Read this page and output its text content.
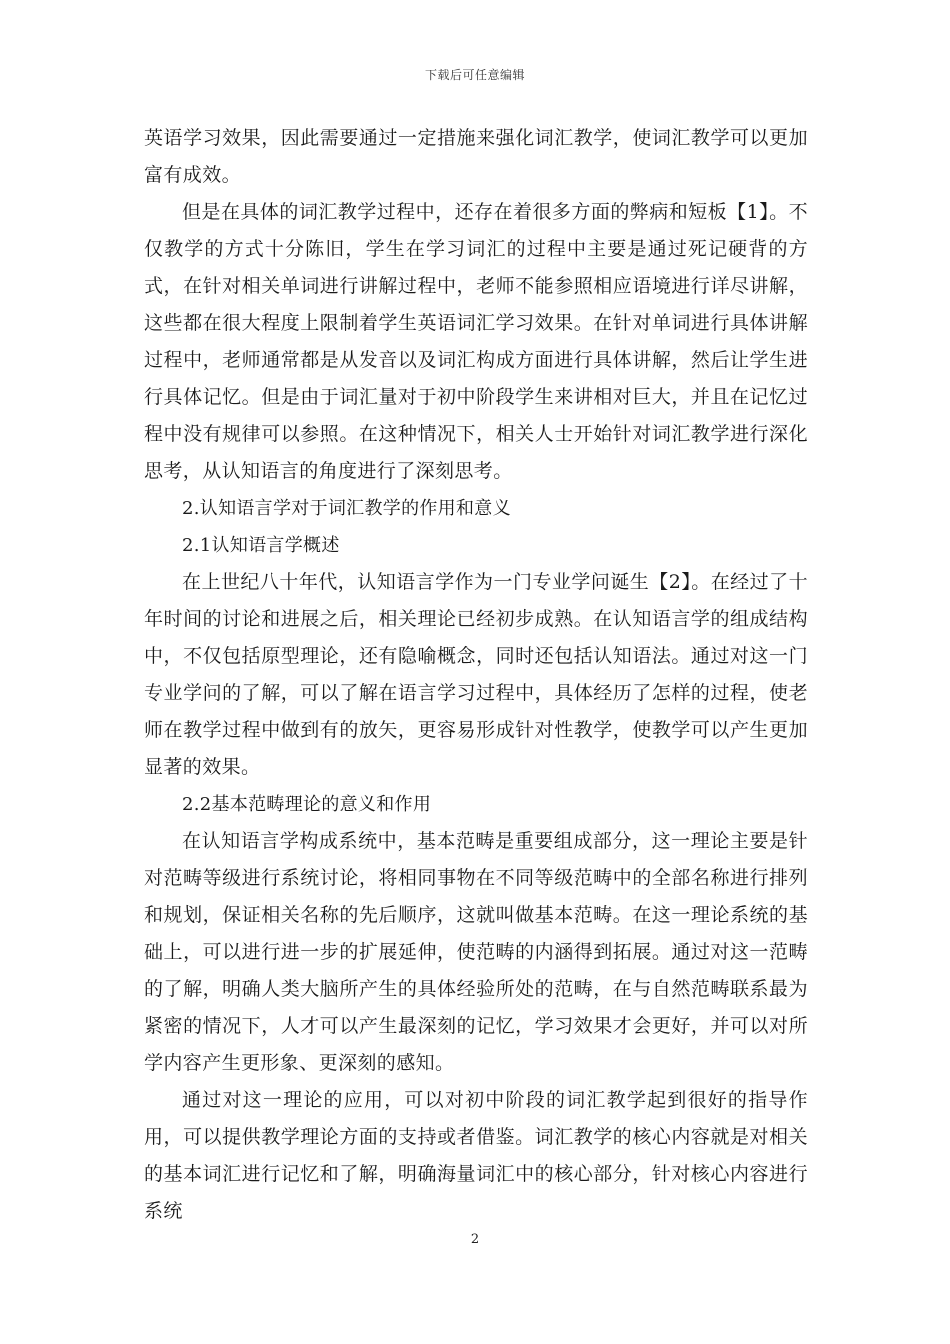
下载后可任意编辑

英语学习效果，因此需要通过一定措施来强化词汇教学，使词汇教学可以更加富有成效。

但是在具体的词汇教学过程中，还存在着很多方面的弊病和短板【1】。不仅教学的方式十分陈旧，学生在学习词汇的过程中主要是通过死记硬背的方式，在针对相关单词进行讲解过程中，老师不能参照相应语境进行详尽讲解，这些都在很大程度上限制着学生英语词汇学习效果。在针对单词进行具体讲解过程中，老师通常都是从发音以及词汇构成方面进行具体讲解，然后让学生进行具体记忆。但是由于词汇量对于初中阶段学生来讲相对巨大，并且在记忆过程中没有规律可以参照。在这种情况下，相关人士开始针对词汇教学进行深化思考，从认知语言的角度进行了深刻思考。

2.认知语言学对于词汇教学的作用和意义

2.1认知语言学概述

在上世纪八十年代，认知语言学作为一门专业学问诞生【2】。在经过了十年时间的讨论和进展之后，相关理论已经初步成熟。在认知语言学的组成结构中，不仅包括原型理论，还有隐喻概念，同时还包括认知语法。通过对这一门专业学问的了解，可以了解在语言学习过程中，具体经历了怎样的过程，使老师在教学过程中做到有的放矢，更容易形成针对性教学，使教学可以产生更加显著的效果。

2.2基本范畴理论的意义和作用

在认知语言学构成系统中，基本范畴是重要组成部分，这一理论主要是针对范畴等级进行系统讨论，将相同事物在不同等级范畴中的全部名称进行排列和规划，保证相关名称的先后顺序，这就叫做基本范畴。在这一理论系统的基础上，可以进行进一步的扩展延伸，使范畴的内涵得到拓展。通过对这一范畴的了解，明确人类大脑所产生的具体经验所处的范畴，在与自然范畴联系最为紧密的情况下，人才可以产生最深刻的记忆，学习效果才会更好，并可以对所学内容产生更形象、更深刻的感知。

通过对这一理论的应用，可以对初中阶段的词汇教学起到很好的指导作用，可以提供教学理论方面的支持或者借鉴。词汇教学的核心内容就是对相关的基本词汇进行记忆和了解，明确海量词汇中的核心部分，针对核心内容进行系统

2
